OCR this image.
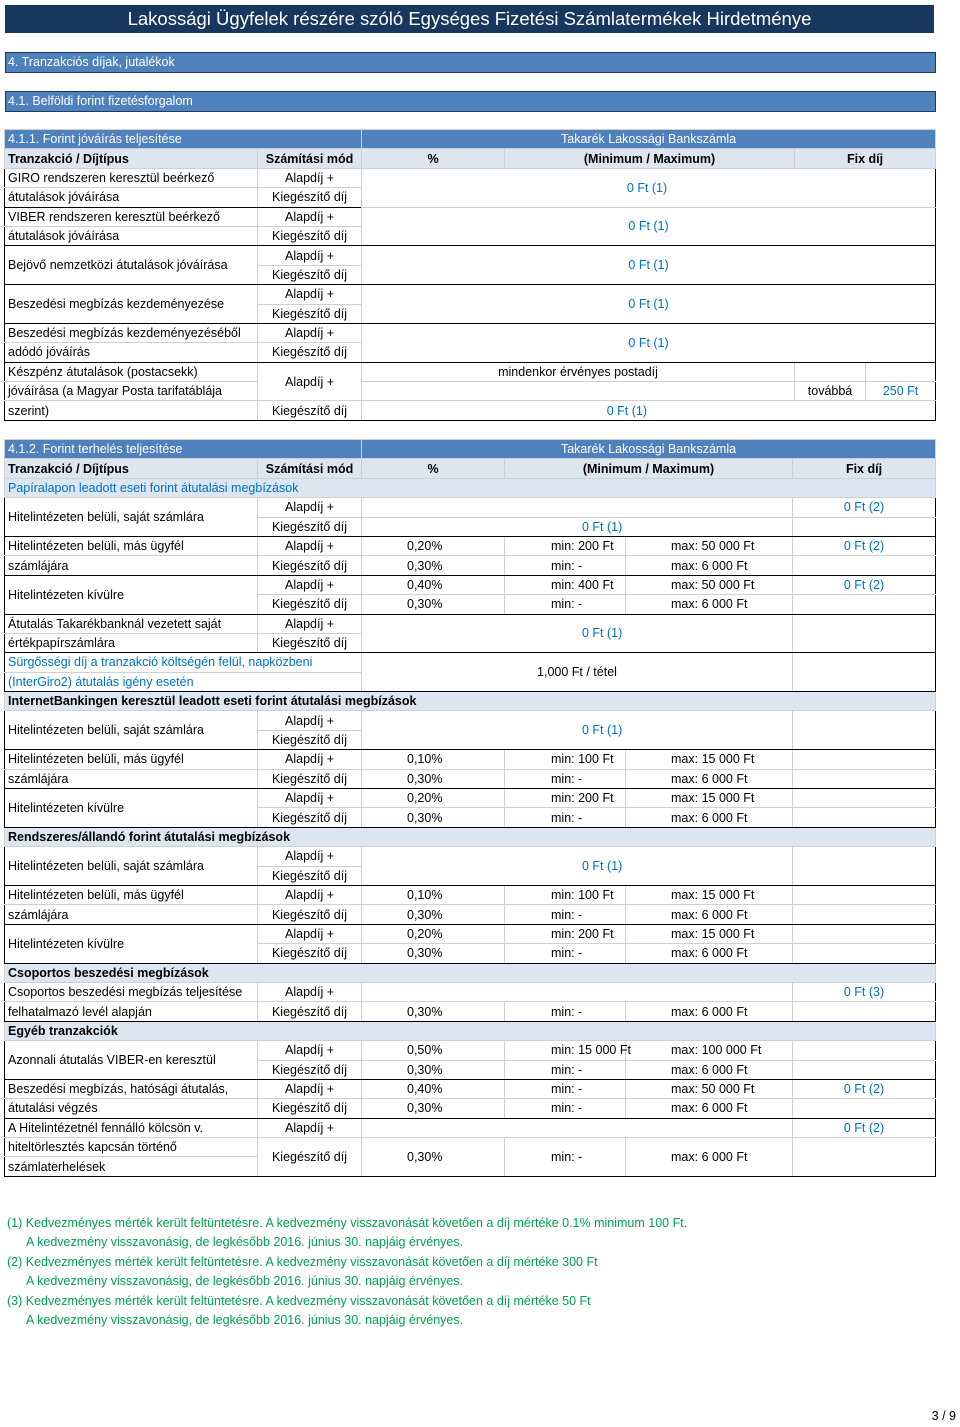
Lakossági Ügyfelek részére szóló Egységes Fizetési Számlatermékek Hirdetménye
4. Tranzakciós díjak, jutalékok
4.1. Belföldi forint fizetésforgalom
4.1.1. Forint jóváírás teljesítése		Takarék Lakossági Bankszámla			
Tranzakció / Díjtípus	Számítási mód	%	(Minimum / Maximum)	Fix díj	
GIRO rendszeren keresztül beérkező	Alapdíj +	0 Ft (1)			
átutalások jóváírása	Kiegészítő díj				
VIBER rendszeren keresztül beérkező	Alapdíj +	0 Ft (1)			
átutalások jóváírása	Kiegészítő díj				
Bejövő nemzetközi átutalások jóváírása	Alapdíj +	0 Ft (1)			
	Kiegészítő díj				
Beszedési megbízás kezdeményezése	Alapdíj +	0 Ft (1)			
	Kiegészítő díj				
Beszedési megbízás kezdeményezéséből	Alapdíj +	0 Ft (1)			
adódó jóváírás	Kiegészítő díj				
Készpénz átutalások (postacsekk)	Alapdíj +	mindenkor érvényes postadíj			
jóváírása (a Magyar Posta tarifatáblája				továbbá	250 Ft
szerint)	Kiegészítő díj	0 Ft (1)			
4.1.2. Forint terhelés teljesítése		Takarék Lakossági Bankszámla			
Tranzakció / Díjtípus	Számítási mód	%	(Minimum / Maximum)		Fix díj
Papíralapon leadott eseti forint átutalási megbízások					
Hitelintézeten belüli, saját számlára	Alapdíj +				0 Ft (2)
	Kiegészítő díj	0 Ft (1)			
Hitelintézeten belüli, más ügyfél	Alapdíj +	0,20%	min: 200 Ft	max: 50 000 Ft	0 Ft (2)
számlájára	Kiegészítő díj	0,30%	min: -	max: 6 000 Ft	
Hitelintézeten kívülre	Alapdíj +	0,40%	min: 400 Ft	max: 50 000 Ft	0 Ft (2)
	Kiegészítő díj	0,30%	min: -	max: 6 000 Ft	
Átutalás Takarékbanknál vezetett saját	Alapdíj +	0 Ft (1)			
értékpapírszámlára	Kiegészítő díj				
Sürgősségi díj a tranzakció költségén felül, napközbeni		1,000 Ft / tétel			
(InterGiro2) átutalás igény esetén					
InternetBankingen keresztül leadott eseti forint átutalási megbízások					
Hitelintézeten belüli, saját számlára	Alapdíj +	0 Ft (1)			
	Kiegészítő díj				
Hitelintézeten belüli, más ügyfél	Alapdíj +	0,10%	min: 100 Ft	max: 15 000 Ft	
számlájára	Kiegészítő díj	0,30%	min: -	max: 6 000 Ft	
Hitelintézeten kívülre	Alapdíj +	0,20%	min: 200 Ft	max: 15 000 Ft	
	Kiegészítő díj	0,30%	min: -	max: 6 000 Ft	
Rendszeres/állandó forint átutalási megbízások					
Hitelintézeten belüli, saját számlára	Alapdíj +	0 Ft (1)			
	Kiegészítő díj				
Hitelintézeten belüli, más ügyfél	Alapdíj +	0,10%	min: 100 Ft	max: 15 000 Ft	
számlájára	Kiegészítő díj	0,30%	min: -	max: 6 000 Ft	
Hitelintézeten kívülre	Alapdíj +	0,20%	min: 200 Ft	max: 15 000 Ft	
	Kiegészítő díj	0,30%	min: -	max: 6 000 Ft	
Csoportos beszedési megbízások					
Csoportos beszedési megbízás teljesítése	Alapdíj +				0 Ft (3)
felhatalmazó levél alapján	Kiegészítő díj	0,30%	min: -	max: 6 000 Ft	
Egyéb tranzakciók					
Azonnali átutalás VIBER-en keresztül	Alapdíj +	0,50%	min: 15 000 Ft	max: 100 000 Ft	
	Kiegészítő díj	0,30%	min: -	max: 6 000 Ft	
Beszedési megbízás, hatósági átutalás,	Alapdíj +	0,40%	min: -	max: 50 000 Ft	0 Ft (2)
átutalási végzés	Kiegészítő díj	0,30%	min: -	max: 6 000 Ft	
A Hitelintézetnél fennálló kölcsön v.	Alapdíj +				0 Ft (2)
hiteltörlesztés kapcsán történő	Kiegészítő díj	0,30%	min: -	max: 6 000 Ft	
számlaterhelések					
(1) Kedvezményes mérték került feltüntetésre. A kedvezmény visszavonását követően a díj mértéke 0.1% minimum 100 Ft.
A kedvezmény visszavonásig, de legkésőbb 2016. június 30. napjáig érvényes.
(2) Kedvezményes mérték került feltüntetésre. A kedvezmény visszavonását követően a díj mértéke 300 Ft
A kedvezmény visszavonásig, de legkésőbb 2016. június 30. napjáig érvényes.
(3) Kedvezményes mérték került feltüntetésre. A kedvezmény visszavonását követően a díj mértéke 50 Ft
A kedvezmény visszavonásig, de legkésőbb 2016. június 30. napjáig érvényes.
3 / 9
